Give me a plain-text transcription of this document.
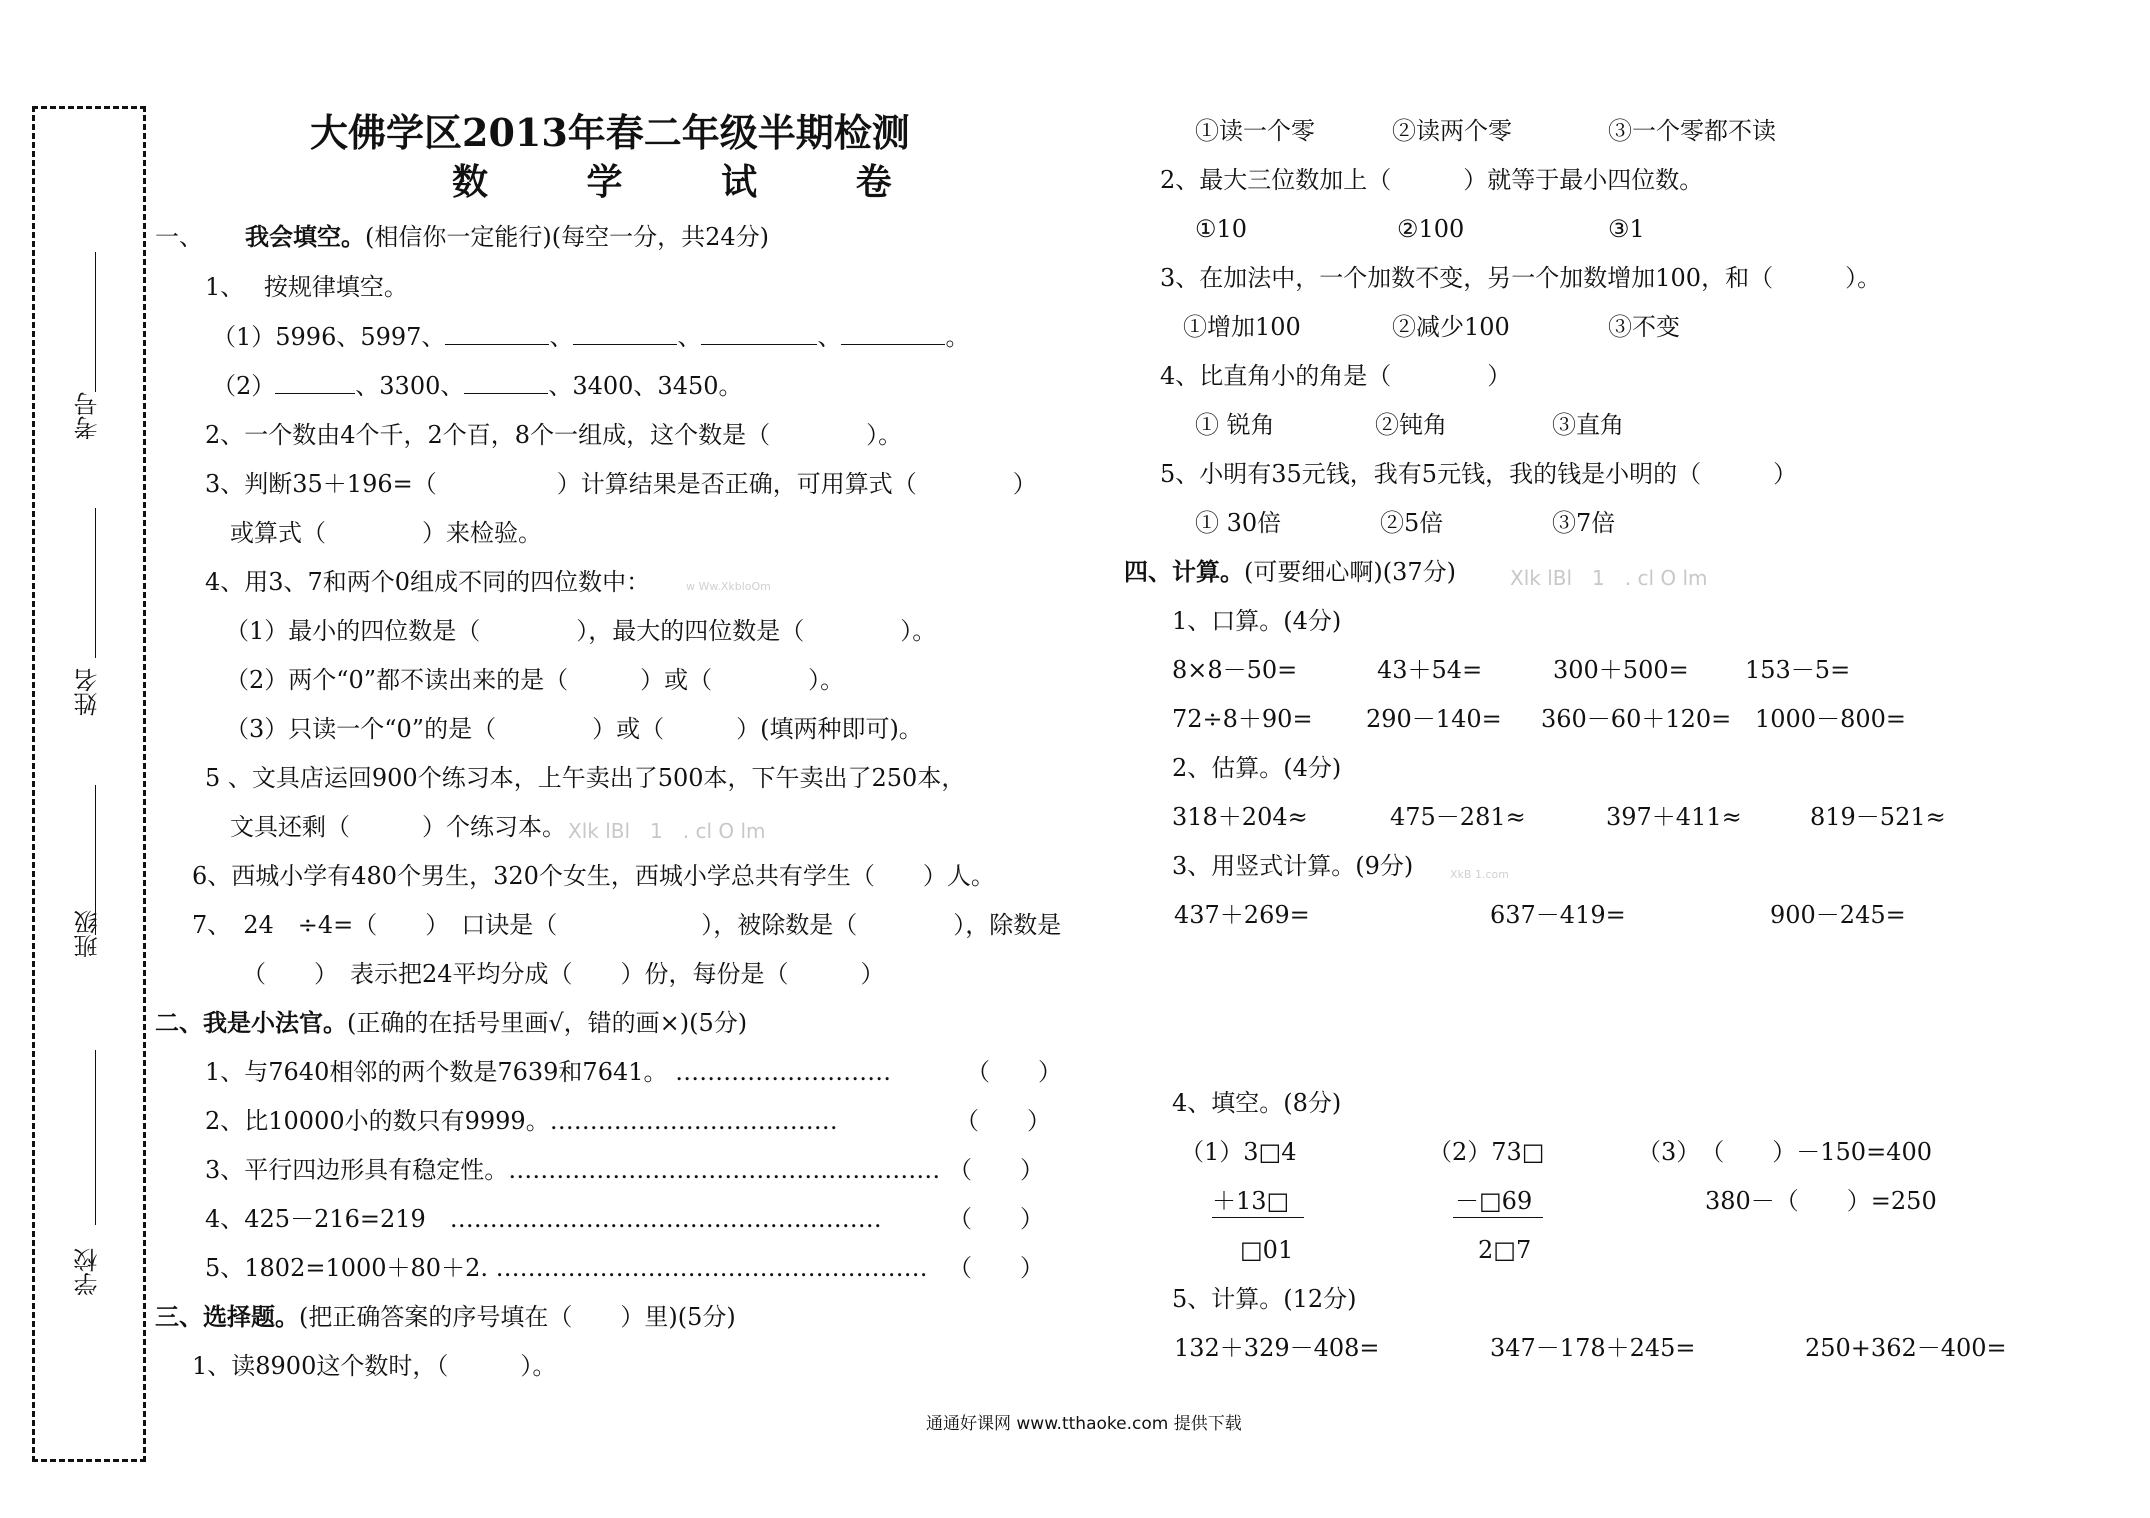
考号
姓名
班级
学校
大佛学区2013年春二年级半期检测
数 学 试 卷
一、 我会填空。(相信你一定能行)(每空一分，共24分)
1、　 按规律填空。
（1）5996、5997、	、	、	、	。
（2）	、3300、	、3400、3450。
2、一个数由4个千，2个百，8个一组成，这个数是（　　　　）。
3、判断35＋196=（　　　　　）计算结果是否正确，可用算式（　　　　）
或算式（　　　　）来检验。
4、用3、7和两个0组成不同的四位数中：	w Ww.XkbloOm
（1）最小的四位数是（　　　　），最大的四位数是（　　　　）。
（2）两个“0”都不读出来的是（　　　）或（　　　　）。
（3）只读一个“0”的是（　　　　）或（　　　）(填两种即可)。
5 、文具店运回900个练习本，上午卖出了500本，下午卖出了250本，
文具还剩（　　　）个练习本。 Xlk lBl　1　. cl O lm
6、西城小学有480个男生，320个女生，西城小学总共有学生（　　）人。
7、　24　÷4=（　　）　口诀是（　　　　　　），被除数是（　　　　），除数是
（　　）　表示把24平均分成（　　）份，每份是（　　　）
二、我是小法官。(正确的在括号里画√，错的画×)(5分)
1、与7640相邻的两个数是7639和7641。 ………………………	（　　）
2、比10000小的数只有9999。………………………………	（　　）
3、平行四边形具有稳定性。……………………………………………… （　　）
4、425－216=219　………………………………………………	（　　）
5、1802=1000＋80＋2. ……………………………………………… （　　）
三、选择题。(把正确答案的序号填在（　　）里)(5分)
1、读8900这个数时，（　　　）。
①读一个零	②读两个零	③一个零都不读
2、最大三位数加上（　　　）就等于最小四位数。
①10	②100	③1
3、在加法中，一个加数不变，另一个加数增加100，和（　　　）。
①增加100	②减少100	③不变
4、比直角小的角是（　　　　）
① 锐角	②钝角	③直角
5、小明有35元钱，我有5元钱，我的钱是小明的（　　　）
① 30倍	②5倍	③7倍
四、计算。(可要细心啊)(37分)	Xlk lBl　1　. cl O lm
1、口算。(4分)
8×8－50=	43＋54=	300＋500= 153－5=
72÷8＋90= 290－140= 360－60＋120= 1000－800=
2、估算。(4分)
318＋204≈	475－281≈	397＋411≈	819－521≈
3、用竖式计算。(9分)	XkB 1.com
437＋269=	637－419=	900－245=
4、填空。(8分)
（1）3□4
＋13□
□01
（2）73□
－□69
2□7
（3）　（　　）－150=400
380－（　　）=250
5、计算。(12分)
132＋329－408=	347－178＋245=	250+362－400=
通通好课网 www.tthaoke.com 提供下载
